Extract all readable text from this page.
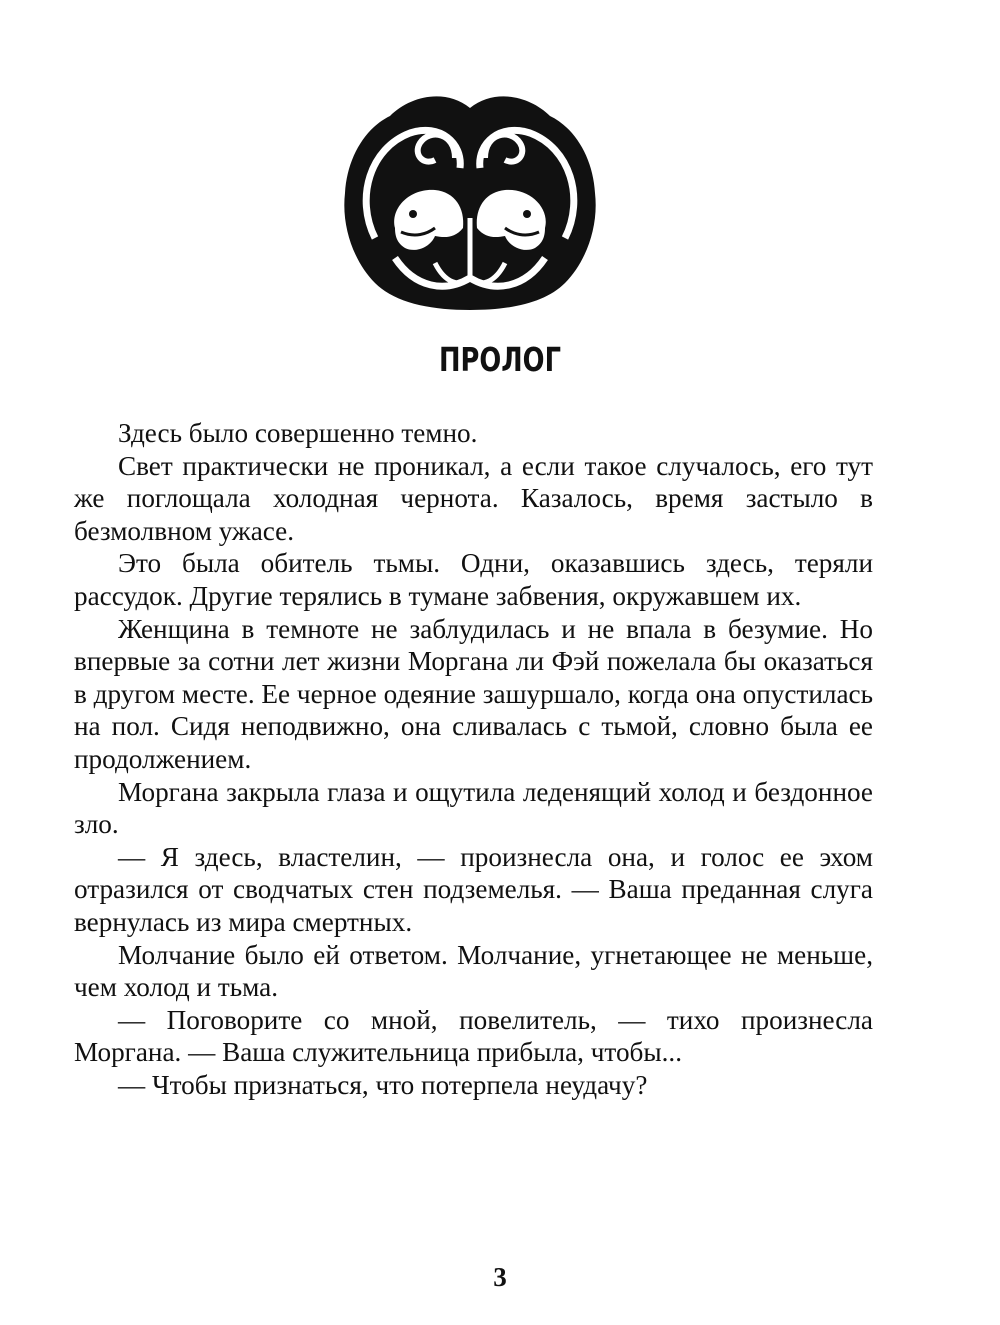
ПРОЛОГ

Здесь было совершенно темно.

Свет практически не проникал, а если такое случалось, его тут же поглощала холодная чернота. Казалось, время застыло в безмолвном ужасе.

Это была обитель тьмы. Одни, оказавшись здесь, теряли рассудок. Другие терялись в тумане забвения, окружавшем их.

Женщина в темноте не заблудилась и не впала в безумие. Но впервые за сотни лет жизни Моргана ли Фэй пожелала бы оказаться в другом месте. Ее черное одеяние зашуршало, когда она опустилась на пол. Сидя неподвижно, она сливалась с тьмой, словно была ее продолжением.

Моргана закрыла глаза и ощутила леденящий холод и бездонное зло.

— Я здесь, властелин, — произнесла она, и голос ее эхом отразился от сводчатых стен подземелья. — Ваша преданная слуга вернулась из мира смертных.

Молчание было ей ответом. Молчание, угнетающее не меньше, чем холод и тьма.

— Поговорите со мной, повелитель, — тихо произнесла Моргана. — Ваша служительница прибыла, чтобы...

— Чтобы признаться, что потерпела неудачу?

3
